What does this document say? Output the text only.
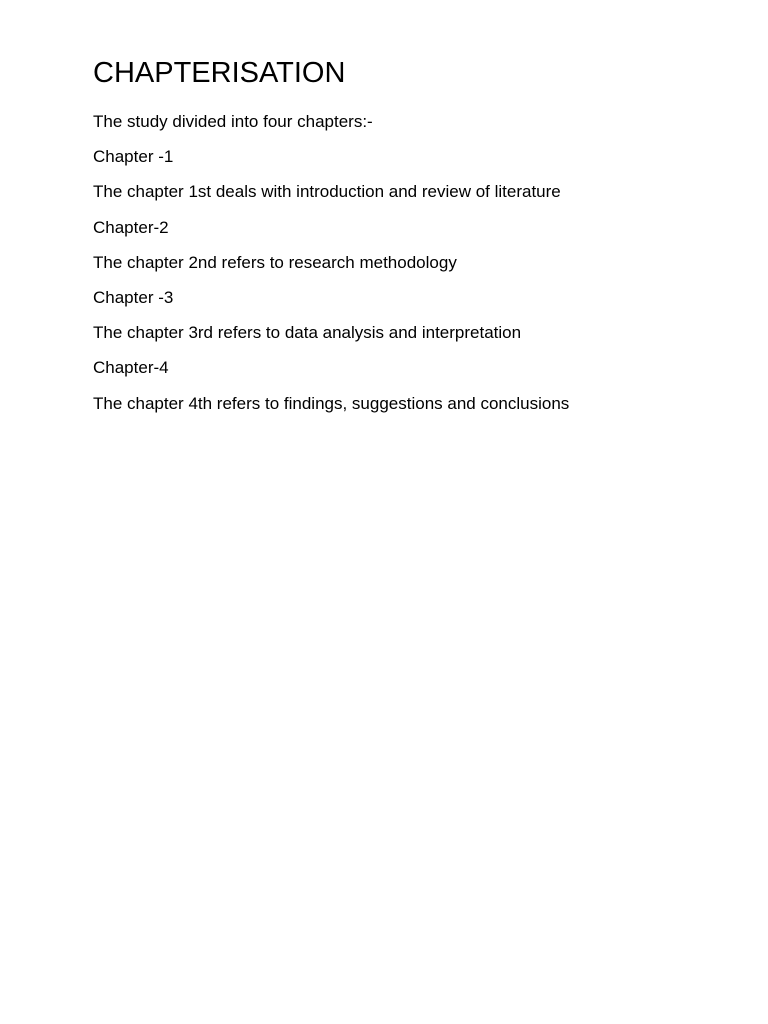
CHAPTERISATION

The study divided into four chapters:-

Chapter -1

The chapter 1st deals with introduction and review of literature

Chapter-2

The chapter 2nd refers to research methodology

Chapter -3

The chapter 3rd refers to data analysis and interpretation

Chapter-4

The chapter 4th refers to findings, suggestions and conclusions
